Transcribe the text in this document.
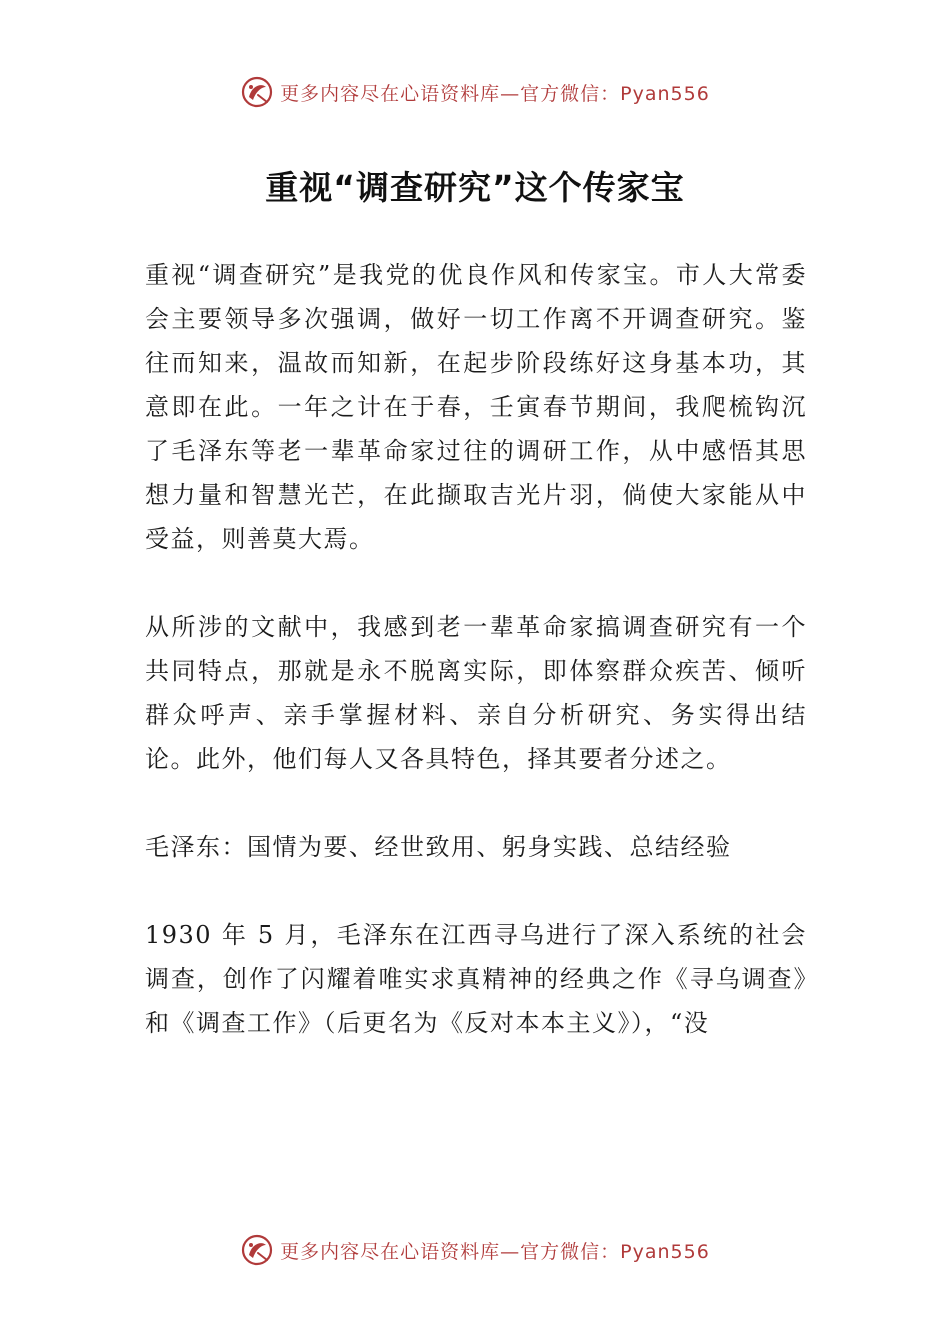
更多内容尽在心语资料库—官方微信：Pyan556
重视“调查研究”这个传家宝

重视“调查研究”是我党的优良作风和传家宝。市人大常委会主要领导多次强调，做好一切工作离不开调查研究。鉴往而知来，温故而知新，在起步阶段练好这身基本功，其意即在此。一年之计在于春，壬寅春节期间，我爬梳钩沉了毛泽东等老一辈革命家过往的调研工作，从中感悟其思想力量和智慧光芒，在此撷取吉光片羽，倘使大家能从中受益，则善莫大焉。

从所涉的文献中，我感到老一辈革命家搞调查研究有一个共同特点，那就是永不脱离实际，即体察群众疾苦、倾听群众呼声、亲手掌握材料、亲自分析研究、务实得出结论。此外，他们每人又各具特色，择其要者分述之。

毛泽东：国情为要、经世致用、躬身实践、总结经验

1930 年 5 月，毛泽东在江西寻乌进行了深入系统的社会调查，创作了闪耀着唯实求真精神的经典之作《寻乌调查》和《调查工作》（后更名为《反对本本主义》），“没

更多内容尽在心语资料库—官方微信：Pyan556
